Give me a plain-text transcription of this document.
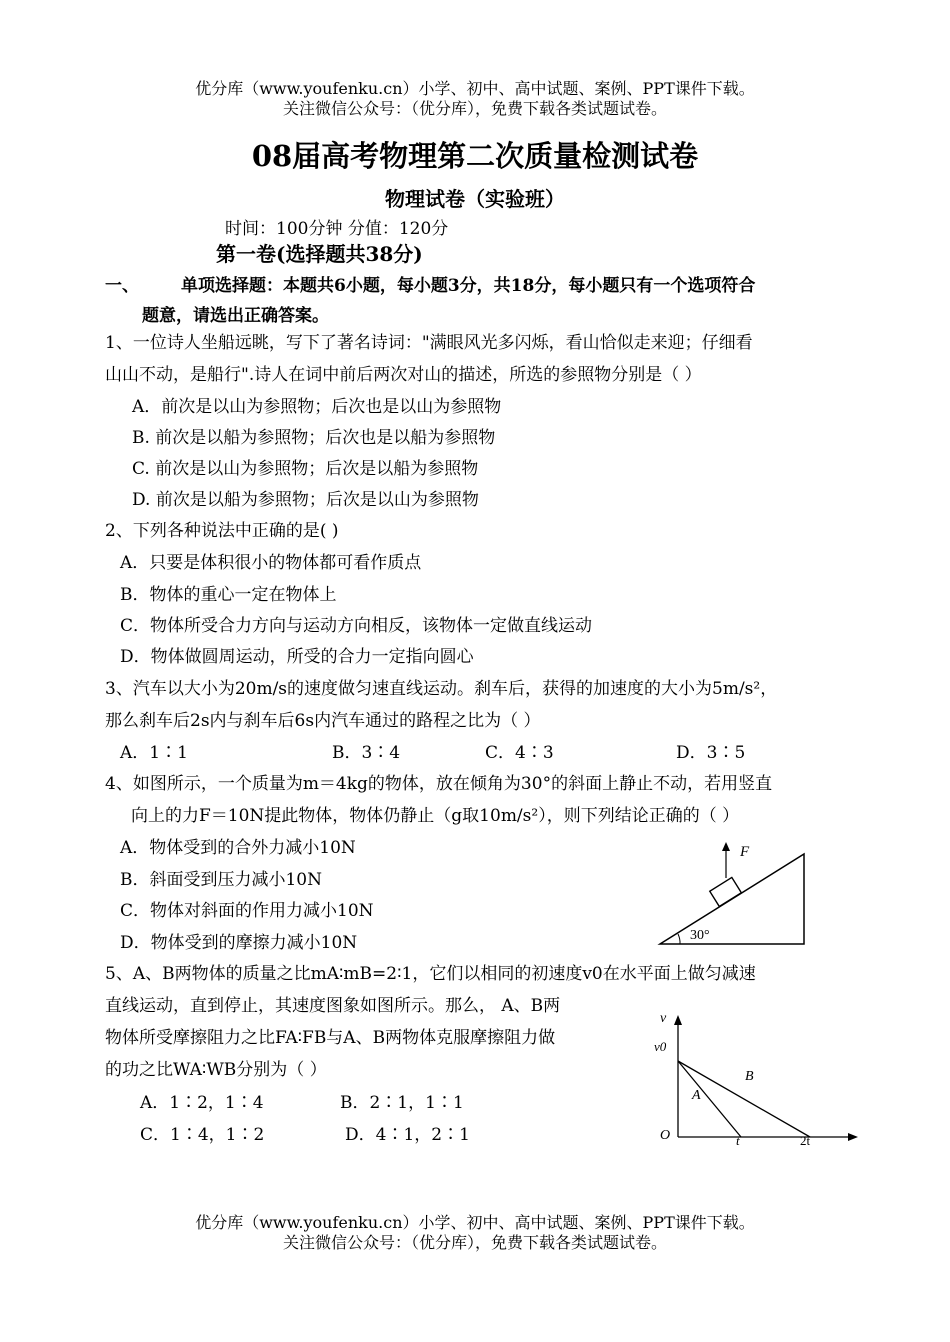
优分库（www.youfenku.cn）小学、初中、高中试题、案例、PPT课件下载。
关注微信公众号：（优分库），免费下载各类试题试卷。
08届高考物理第二次质量检测试卷
物理试卷（实验班）
时间：100分钟 分值：120分
第一卷(选择题共38分)
一、 单项选择题：本题共6小题，每小题3分，共18分，每小题只有一个选项符合
题意，请选出正确答案。
1、一位诗人坐船远眺，写下了著名诗词："满眼风光多闪烁，看山恰似走来迎；仔细看
山山不动，是船行".诗人在词中前后两次对山的描述，所选的参照物分别是（ ）
A．前次是以山为参照物；后次也是以山为参照物
B. 前次是以船为参照物；后次也是以船为参照物
C. 前次是以山为参照物；后次是以船为参照物
D. 前次是以船为参照物；后次是以山为参照物
2、下列各种说法中正确的是( )
A．只要是体积很小的物体都可看作质点
B．物体的重心一定在物体上
C．物体所受合力方向与运动方向相反，该物体一定做直线运动
D．物体做圆周运动，所受的合力一定指向圆心
3、汽车以大小为20m/s的速度做匀速直线运动。刹车后，获得的加速度的大小为5m/s²，
那么刹车后2s内与刹车后6s内汽车通过的路程之比为（ ）
A．1∶1	B．3∶4	C．4∶3	D．3∶5
4、如图所示，一个质量为m＝4kg的物体，放在倾角为30°的斜面上静止不动，若用竖直
向上的力F＝10N提此物体，物体仍静止（g取10m/s²），则下列结论正确的（ ）
A．物体受到的合外力减小10N
B．斜面受到压力减小10N
C．物体对斜面的作用力减小10N
D．物体受到的摩擦力减小10N
F
30°
5、A、B两物体的质量之比mA∶mB=2∶1，它们以相同的初速度v0在水平面上做匀减速
直线运动，直到停止，其速度图象如图所示。那么， A、B两
物体所受摩擦阻力之比FA∶FB与A、B两物体克服摩擦阻力做
的功之比WA∶WB分别为（ ）
A．1∶2，1∶4	B．2∶1，1∶1
C．1∶4，1∶2	D．4∶1，2∶1
v
v0
O	t	2t
A
B
优分库（www.youfenku.cn）小学、初中、高中试题、案例、PPT课件下载。
关注微信公众号：（优分库），免费下载各类试题试卷。
